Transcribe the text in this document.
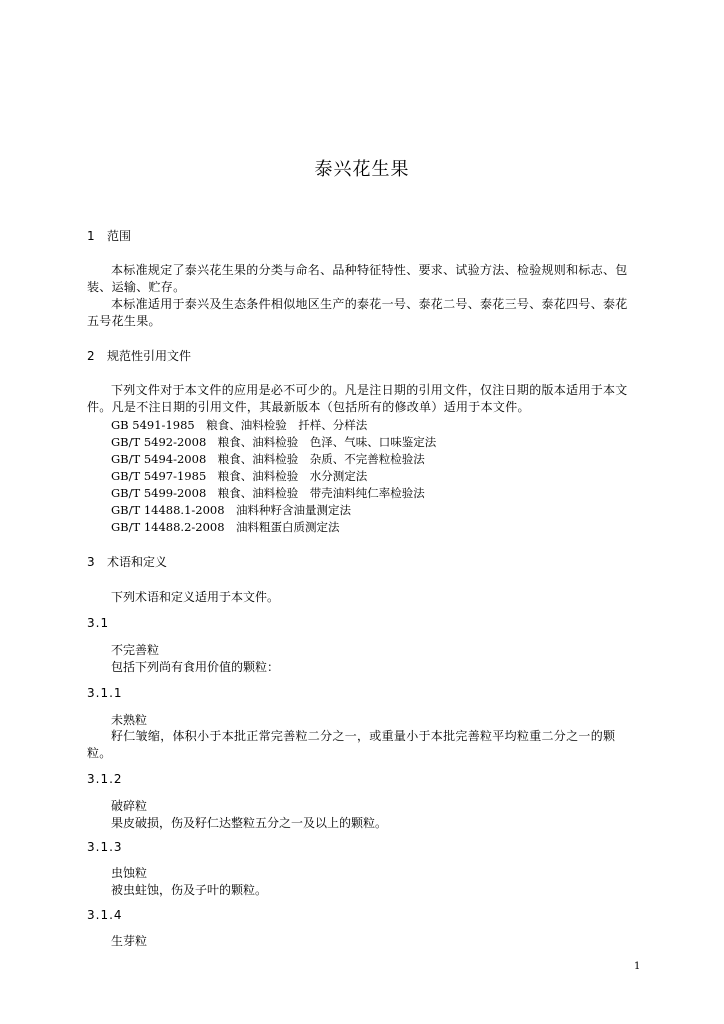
泰兴花生果
1 范围
本标准规定了泰兴花生果的分类与命名、品种特征特性、要求、试验方法、检验规则和标志、包装、运输、贮存。
本标准适用于泰兴及生态条件相似地区生产的泰花一号、泰花二号、泰花三号、泰花四号、泰花五号花生果。
2 规范性引用文件
下列文件对于本文件的应用是必不可少的。凡是注日期的引用文件，仅注日期的版本适用于本文件。凡是不注日期的引用文件，其最新版本（包括所有的修改单）适用于本文件。
GB 5491-1985　粮食、油料检验　扦样、分样法
GB/T 5492-2008　粮食、油料检验　色泽、气味、口味鉴定法
GB/T 5494-2008　粮食、油料检验　杂质、不完善粒检验法
GB/T 5497-1985　粮食、油料检验　水分测定法
GB/T 5499-2008　粮食、油料检验　带壳油料纯仁率检验法
GB/T 14488.1-2008　油料种籽含油量测定法
GB/T 14488.2-2008　油料粗蛋白质测定法
3 术语和定义
下列术语和定义适用于本文件。
3.1
不完善粒
包括下列尚有食用价值的颗粒：
3.1.1
未熟粒
籽仁皱缩，体积小于本批正常完善粒二分之一，或重量小于本批完善粒平均粒重二分之一的颗粒。
3.1.2
破碎粒
果皮破损，伤及籽仁达整粒五分之一及以上的颗粒。
3.1.3
虫蚀粒
被虫蛀蚀，伤及子叶的颗粒。
3.1.4
生芽粒
1
